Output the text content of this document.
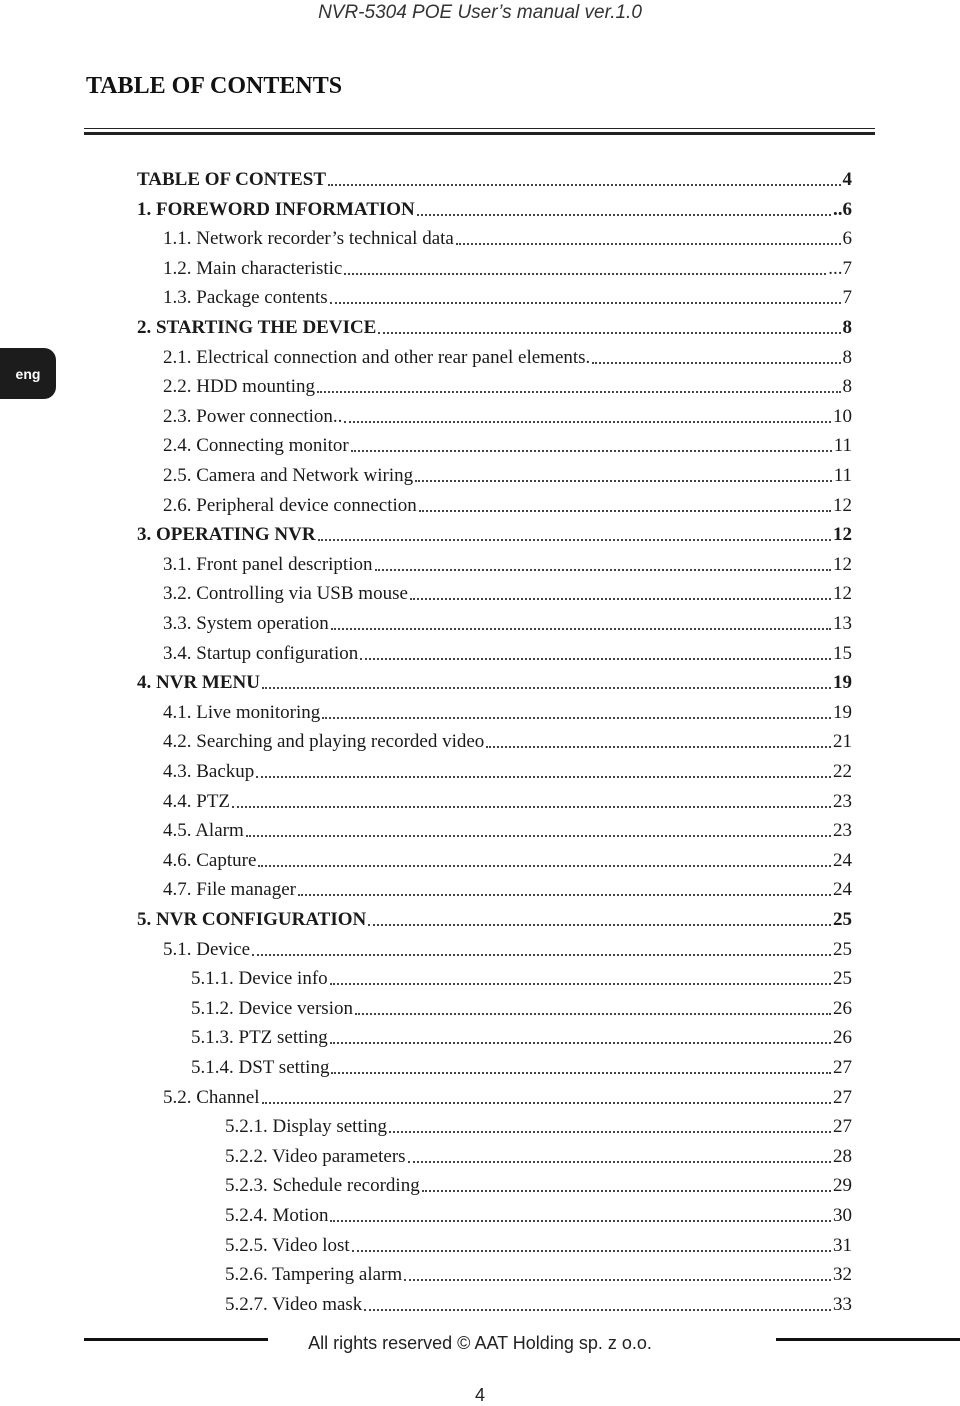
NVR-5304 POE User’s manual ver.1.0
TABLE OF CONTENTS
eng
TABLE OF CONTEST	4
1. FOREWORD INFORMATION	..6
1.1. Network recorder’s technical data	6
1.2. Main characteristic	...7
1.3. Package contents	7
2. STARTING THE DEVICE	8
2.1. Electrical connection and other rear panel elements.	8
2.2. HDD mounting	8
2.3. Power connection..	10
2.4. Connecting monitor	11
2.5. Camera and Network wiring	11
2.6. Peripheral device connection	12
3. OPERATING NVR	12
3.1. Front panel description	12
3.2. Controlling via USB mouse	12
3.3. System operation	13
3.4. Startup configuration	15
4. NVR MENU	19
4.1. Live monitoring	19
4.2. Searching and playing recorded video	21
4.3. Backup	22
4.4. PTZ	23
4.5. Alarm	23
4.6. Capture	24
4.7. File manager	24
5. NVR CONFIGURATION	25
5.1. Device	25
5.1.1. Device info	25
5.1.2. Device version	26
5.1.3. PTZ setting	26
5.1.4. DST setting	27
5.2. Channel	27
5.2.1. Display setting	27
5.2.2. Video parameters	28
5.2.3. Schedule recording	29
5.2.4. Motion	30
5.2.5. Video lost	31
5.2.6. Tampering alarm	32
5.2.7. Video mask	33
All rights reserved © AAT Holding sp. z o.o.
4
